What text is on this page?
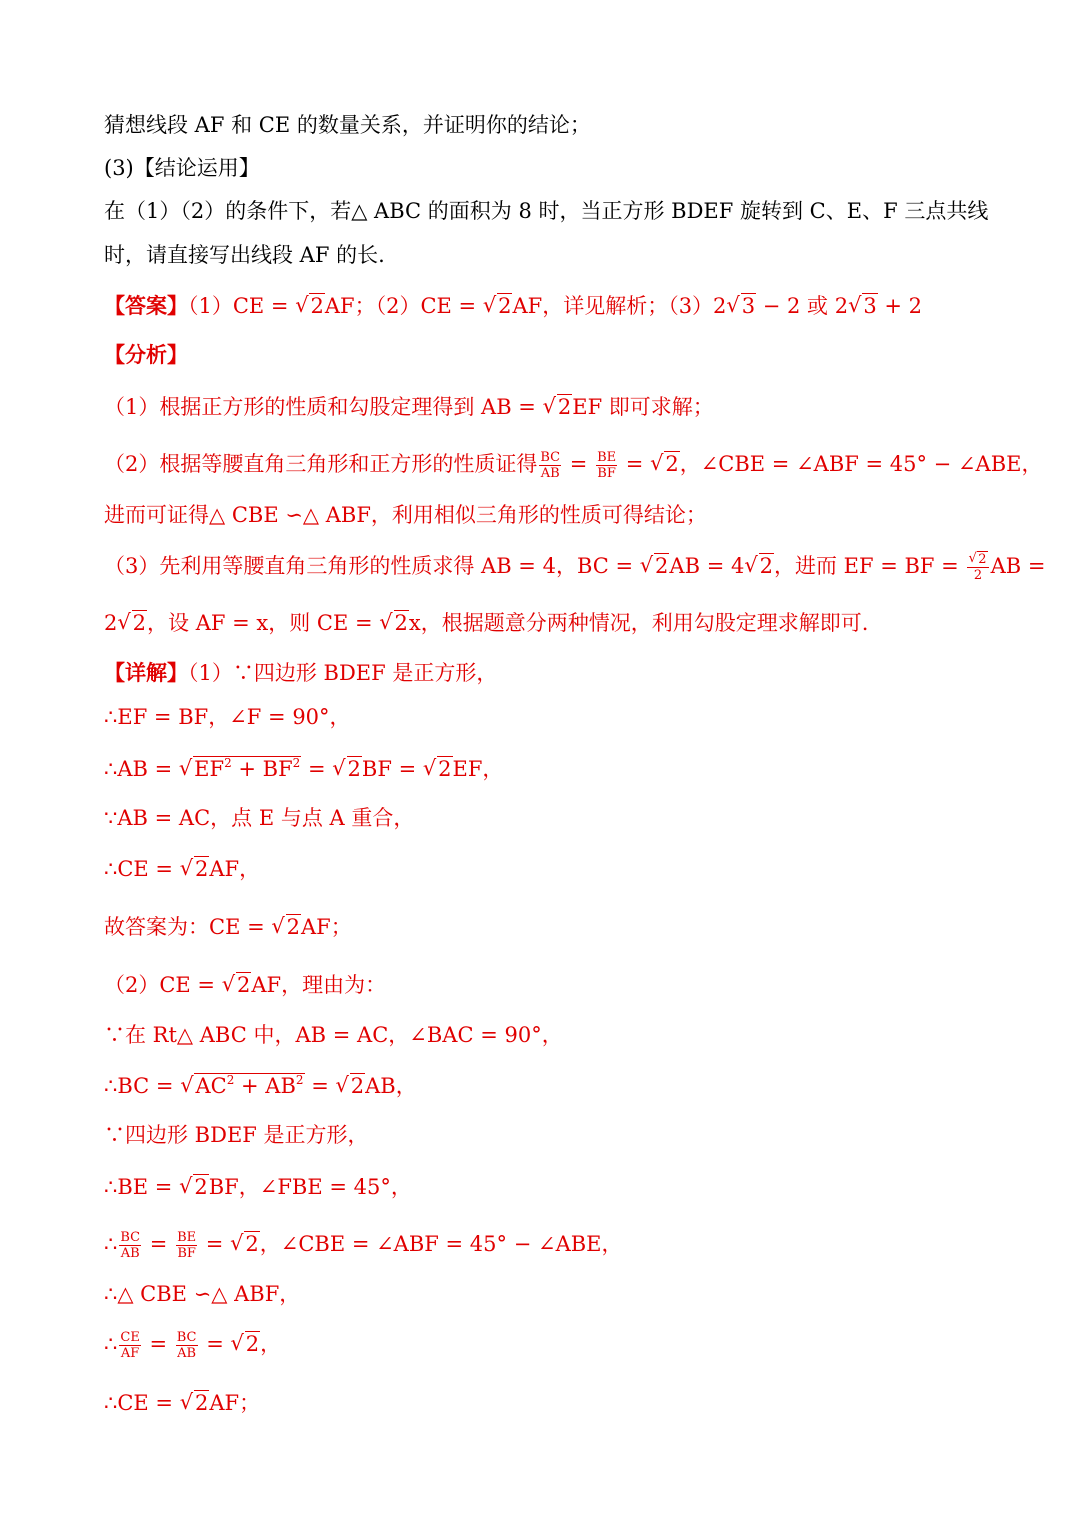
猜想线段 AF 和 CE 的数量关系，并证明你的结论；
(3)【结论运用】
在（1）（2）的条件下，若△ ABC 的面积为 8 时，当正方形 BDEF 旋转到 C、E、F 三点共线
时，请直接写出线段 AF 的长.
【答案】（1）CE = √ 2AF；（2）CE = √ 2AF，详见解析；（3）2 √ 3 − 2 或 2 √ 3 + 2
【分析】
（1）根据正方形的性质和勾股定理得到 AB = √ 2EF 即可求解；
（2）根据等腰直角三角形和正方形的性质证得 $\frac{BC}{AB} = \frac{BE}{BF}$ = √ 2，∠CBE = ∠ABF = 45° − ∠ABE，
进而可证得△ CBE ∽△ ABF，利用相似三角形的性质可得结论；
（3）先利用等腰直角三角形的性质求得 AB = 4，BC = √ 2AB = 4 √ 2，进而 EF = BF = √ $\frac{2}{2}$ AB =
2 √ 2，设 AF = x，则 CE = √ 2x，根据题意分两种情况，利用勾股定理求解即可.
【详解】（1）∵四边形 BDEF 是正方形，
∴EF = BF，∠F = 90°，
∴AB = √ $EF^2 + BF^2$ = √ 2BF = √ 2EF，
∵AB = AC，点 E 与点 A 重合，
∴CE = √ 2AF，
故答案为：CE = √ 2AF；
（2）CE = √ 2AF，理由为：
∵在 Rt△ ABC 中，AB = AC，∠BAC = 90°，
∴BC = √ $AC^2 + AB^2$ = √ 2AB，
∵四边形 BDEF 是正方形，
∴BE = √ 2BF，∠FBE = 45°，
∴ $\frac{BC}{AB} = \frac{BE}{BF}$ = √ 2，∠CBE = ∠ABF = 45° − ∠ABE，
∴△ CBE ∽△ ABF，
∴ $\frac{CE}{AF} = \frac{BC}{AB}$ = √ 2，
∴CE = √ 2AF；
